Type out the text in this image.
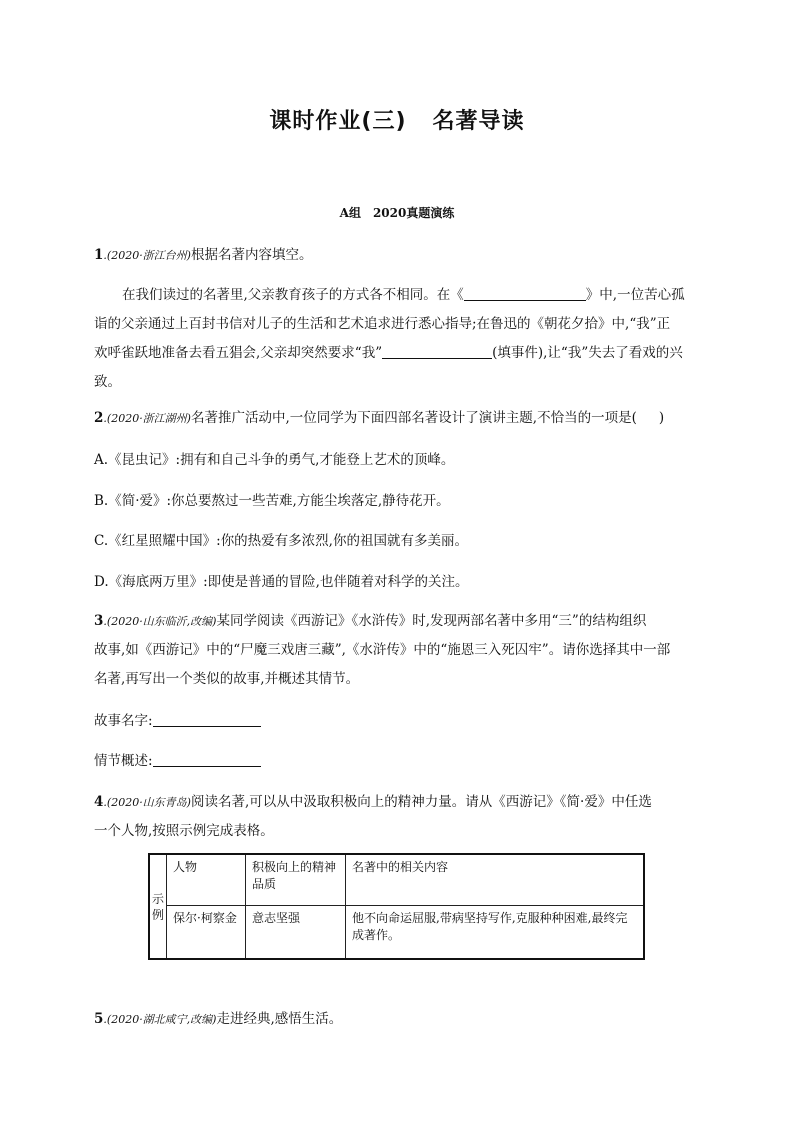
课时作业(三) 名著导读
A组 2020真题演练
1.(2020·浙江台州)根据名著内容填空。
在我们读过的名著里,父亲教育孩子的方式各不相同。在《	》中,一位苦心孤
诣的父亲通过上百封书信对儿子的生活和艺术追求进行悉心指导;在鲁迅的《朝花夕拾》中,“我”正
欢呼雀跃地准备去看五猖会,父亲却突然要求“我”	(填事件),让“我”失去了看戏的兴
致。
2.(2020·浙江湖州)名著推广活动中,一位同学为下面四部名著设计了演讲主题,不恰当的一项是( )
A.《昆虫记》:拥有和自己斗争的勇气,才能登上艺术的顶峰。
B.《简·爱》:你总要熬过一些苦难,方能尘埃落定,静待花开。
C.《红星照耀中国》:你的热爱有多浓烈,你的祖国就有多美丽。
D.《海底两万里》:即使是普通的冒险,也伴随着对科学的关注。
3.(2020·山东临沂,改编)某同学阅读《西游记》《水浒传》时,发现两部名著中多用“三”的结构组织
故事,如《西游记》中的“尸魔三戏唐三藏”,《水浒传》中的“施恩三入死囚牢”。请你选择其中一部
名著,再写出一个类似的故事,并概述其情节。
故事名字:
情节概述:
4.(2020·山东青岛)阅读名著,可以从中汲取积极向上的精神力量。请从《西游记》《简·爱》中任选
一个人物,按照示例完成表格。
示例	人物	积极向上的精神品质	名著中的相关内容
	保尔·柯察金	意志坚强	他不向命运屈服,带病坚持写作,克服种种困难,最终完成著作。
5.(2020·湖北咸宁,改编)走进经典,感悟生活。
